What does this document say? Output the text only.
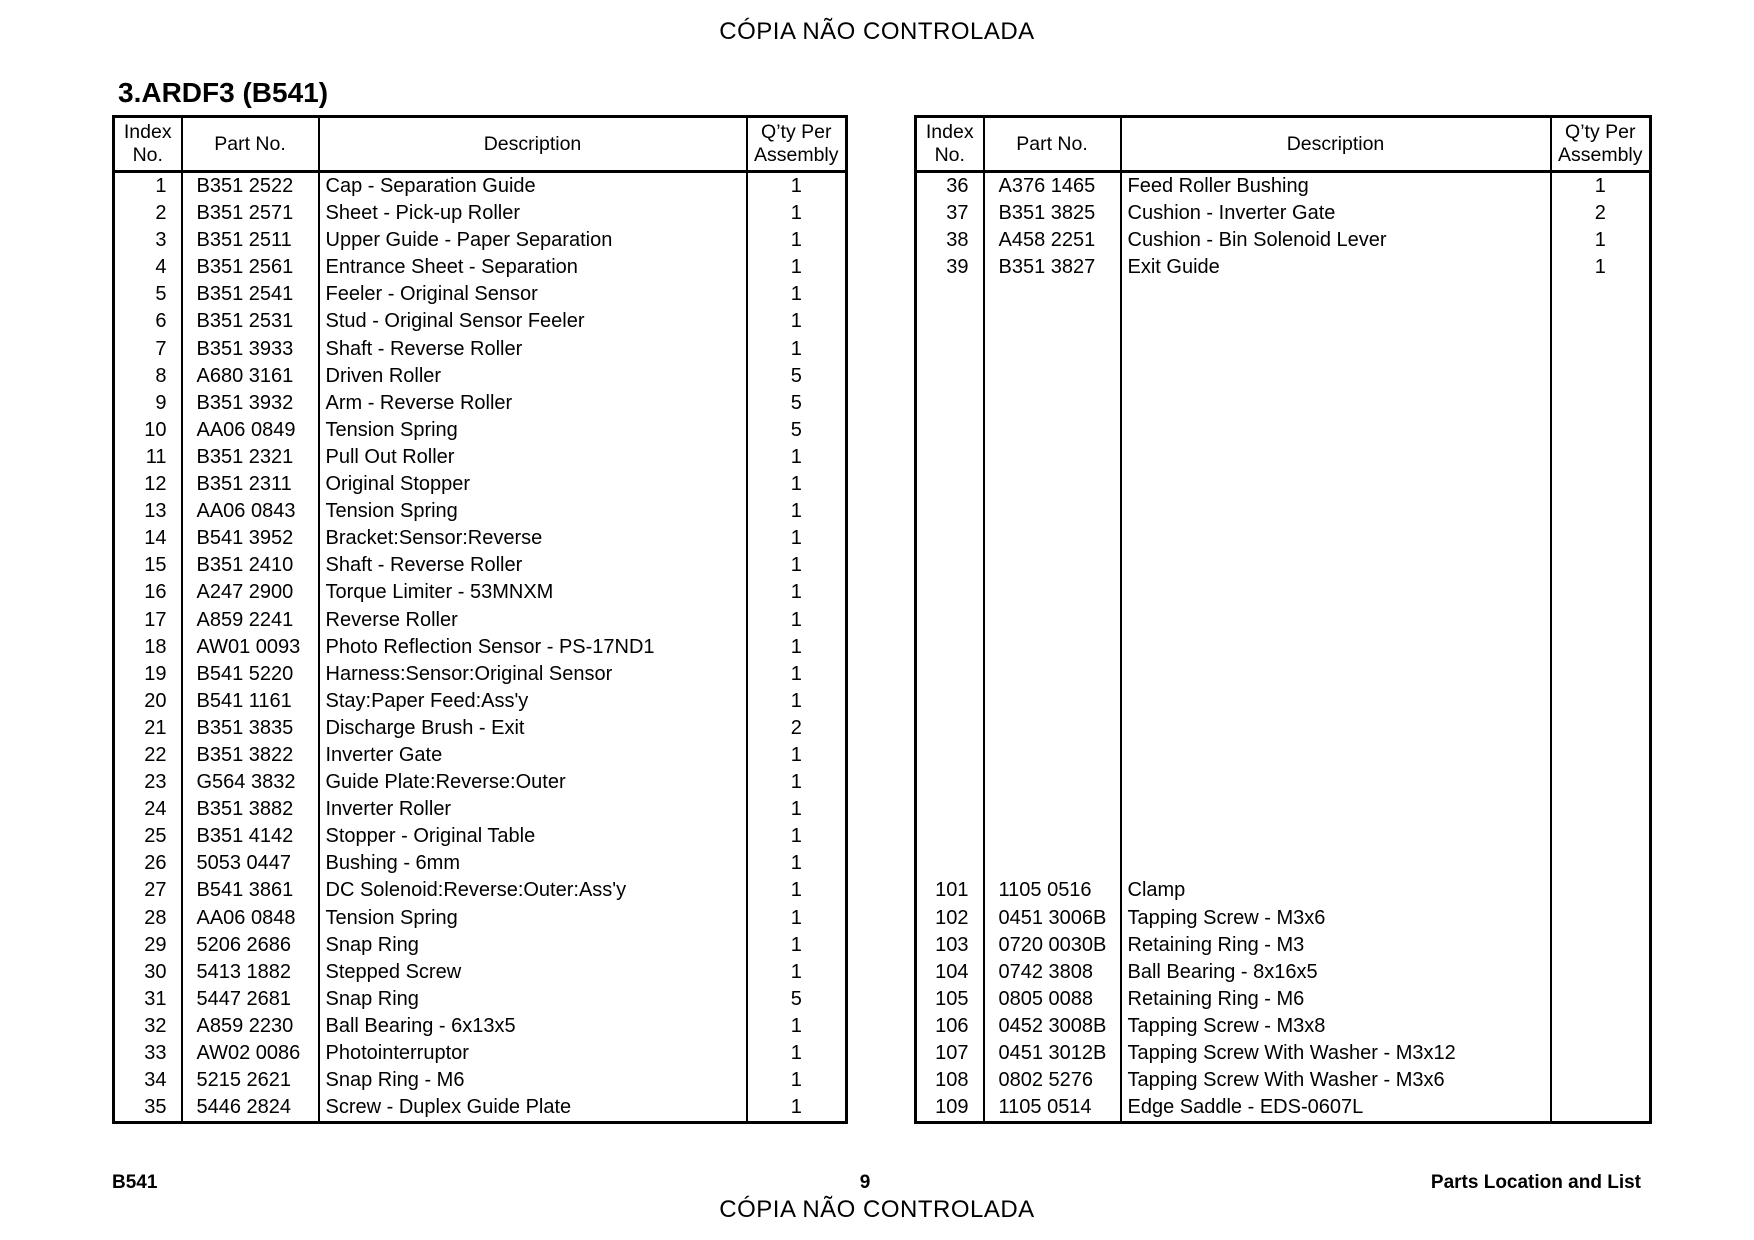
CÓPIA NÃO CONTROLADA
3.ARDF3 (B541)
Index
No.	Part No.	Description	Q’ty Per
Assembly
1	B351 2522	Cap - Separation Guide	1
2	B351 2571	Sheet - Pick-up Roller	1
3	B351 2511	Upper Guide - Paper Separation	1
4	B351 2561	Entrance Sheet - Separation	1
5	B351 2541	Feeler - Original Sensor	1
6	B351 2531	Stud - Original Sensor Feeler	1
7	B351 3933	Shaft - Reverse Roller	1
8	A680 3161	Driven Roller	5
9	B351 3932	Arm - Reverse Roller	5
10	AA06 0849	Tension Spring	5
11	B351 2321	Pull Out Roller	1
12	B351 2311	Original Stopper	1
13	AA06 0843	Tension Spring	1
14	B541 3952	Bracket:Sensor:Reverse	1
15	B351 2410	Shaft - Reverse Roller	1
16	A247 2900	Torque Limiter - 53MNXM	1
17	A859 2241	Reverse Roller	1
18	AW01 0093	Photo Reflection Sensor - PS-17ND1	1
19	B541 5220	Harness:Sensor:Original Sensor	1
20	B541 1161	Stay:Paper Feed:Ass'y	1
21	B351 3835	Discharge Brush - Exit	2
22	B351 3822	Inverter Gate	1
23	G564 3832	Guide Plate:Reverse:Outer	1
24	B351 3882	Inverter Roller	1
25	B351 4142	Stopper - Original Table	1
26	5053 0447	Bushing - 6mm	1
27	B541 3861	DC Solenoid:Reverse:Outer:Ass'y	1
28	AA06 0848	Tension Spring	1
29	5206 2686	Snap Ring	1
30	5413 1882	Stepped Screw	1
31	5447 2681	Snap Ring	5
32	A859 2230	Ball Bearing - 6x13x5	1
33	AW02 0086	Photointerruptor	1
34	5215 2621	Snap Ring - M6	1
35	5446 2824	Screw - Duplex Guide Plate	1
Index
No.	Part No.	Description	Q’ty Per
Assembly
36	A376 1465	Feed Roller Bushing	1
37	B351 3825	Cushion - Inverter Gate	2
38	A458 2251	Cushion - Bin Solenoid Lever	1
39	B351 3827	Exit Guide	1

101	1105 0516	Clamp	
102	0451 3006B	Tapping Screw - M3x6	
103	0720 0030B	Retaining Ring - M3	
104	0742 3808	Ball Bearing - 8x16x5	
105	0805 0088	Retaining Ring - M6	
106	0452 3008B	Tapping Screw - M3x8	
107	0451 3012B	Tapping Screw With Washer - M3x12	
108	0802 5276	Tapping Screw With Washer - M3x6	
109	1105 0514	Edge Saddle - EDS-0607L	
B541	9	Parts Location and List
CÓPIA NÃO CONTROLADA
